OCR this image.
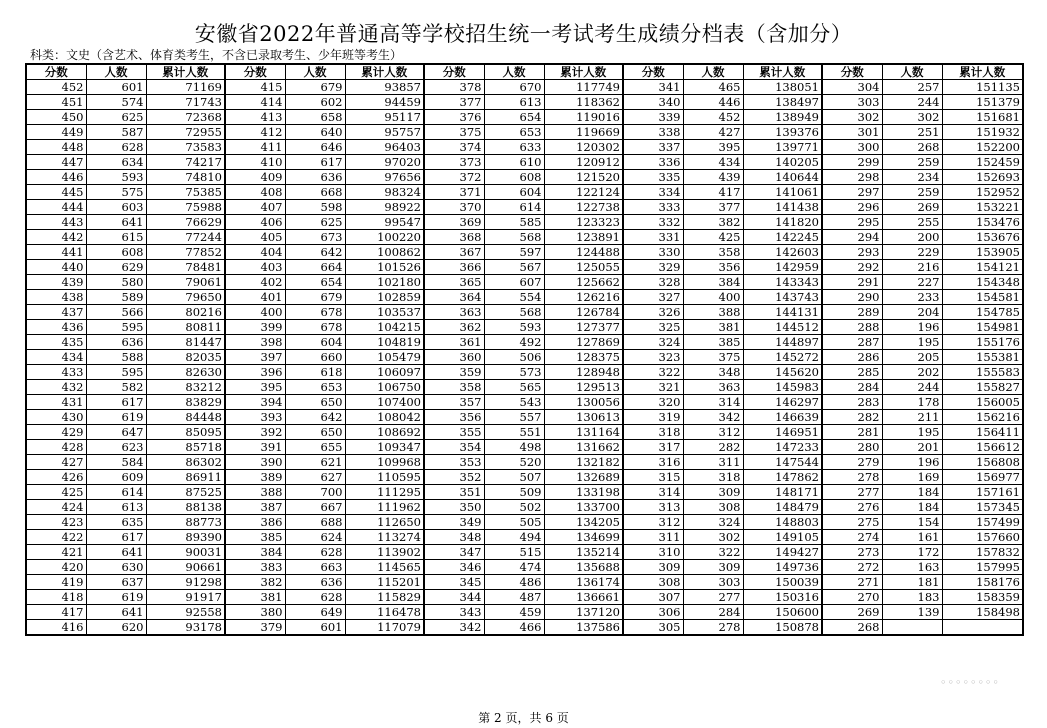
安徽省2022年普通高等学校招生统一考试考生成绩分档表（含加分）
科类：文史（含艺术、体育类考生，不含已录取考生、少年班等考生）
分数	人数	累计人数	分数	人数	累计人数	分数	人数	累计人数	分数	人数	累计人数	分数	人数	累计人数
452	601	71169	415	679	93857	378	670	117749	341	465	138051	304	257	151135
451	574	71743	414	602	94459	377	613	118362	340	446	138497	303	244	151379
450	625	72368	413	658	95117	376	654	119016	339	452	138949	302	302	151681
449	587	72955	412	640	95757	375	653	119669	338	427	139376	301	251	151932
448	628	73583	411	646	96403	374	633	120302	337	395	139771	300	268	152200
447	634	74217	410	617	97020	373	610	120912	336	434	140205	299	259	152459
446	593	74810	409	636	97656	372	608	121520	335	439	140644	298	234	152693
445	575	75385	408	668	98324	371	604	122124	334	417	141061	297	259	152952
444	603	75988	407	598	98922	370	614	122738	333	377	141438	296	269	153221
443	641	76629	406	625	99547	369	585	123323	332	382	141820	295	255	153476
442	615	77244	405	673	100220	368	568	123891	331	425	142245	294	200	153676
441	608	77852	404	642	100862	367	597	124488	330	358	142603	293	229	153905
440	629	78481	403	664	101526	366	567	125055	329	356	142959	292	216	154121
439	580	79061	402	654	102180	365	607	125662	328	384	143343	291	227	154348
438	589	79650	401	679	102859	364	554	126216	327	400	143743	290	233	154581
437	566	80216	400	678	103537	363	568	126784	326	388	144131	289	204	154785
436	595	80811	399	678	104215	362	593	127377	325	381	144512	288	196	154981
435	636	81447	398	604	104819	361	492	127869	324	385	144897	287	195	155176
434	588	82035	397	660	105479	360	506	128375	323	375	145272	286	205	155381
433	595	82630	396	618	106097	359	573	128948	322	348	145620	285	202	155583
432	582	83212	395	653	106750	358	565	129513	321	363	145983	284	244	155827
431	617	83829	394	650	107400	357	543	130056	320	314	146297	283	178	156005
430	619	84448	393	642	108042	356	557	130613	319	342	146639	282	211	156216
429	647	85095	392	650	108692	355	551	131164	318	312	146951	281	195	156411
428	623	85718	391	655	109347	354	498	131662	317	282	147233	280	201	156612
427	584	86302	390	621	109968	353	520	132182	316	311	147544	279	196	156808
426	609	86911	389	627	110595	352	507	132689	315	318	147862	278	169	156977
425	614	87525	388	700	111295	351	509	133198	314	309	148171	277	184	157161
424	613	88138	387	667	111962	350	502	133700	313	308	148479	276	184	157345
423	635	88773	386	688	112650	349	505	134205	312	324	148803	275	154	157499
422	617	89390	385	624	113274	348	494	134699	311	302	149105	274	161	157660
421	641	90031	384	628	113902	347	515	135214	310	322	149427	273	172	157832
420	630	90661	383	663	114565	346	474	135688	309	309	149736	272	163	157995
419	637	91298	382	636	115201	345	486	136174	308	303	150039	271	181	158176
418	619	91917	381	628	115829	344	487	136661	307	277	150316	270	183	158359
417	641	92558	380	649	116478	343	459	137120	306	284	150600	269	139	158498
416	620	93178	379	601	117079	342	466	137586	305	278	150878	268		
第 2 页，共 6 页
◦◦◦◦◦◦◦◦
